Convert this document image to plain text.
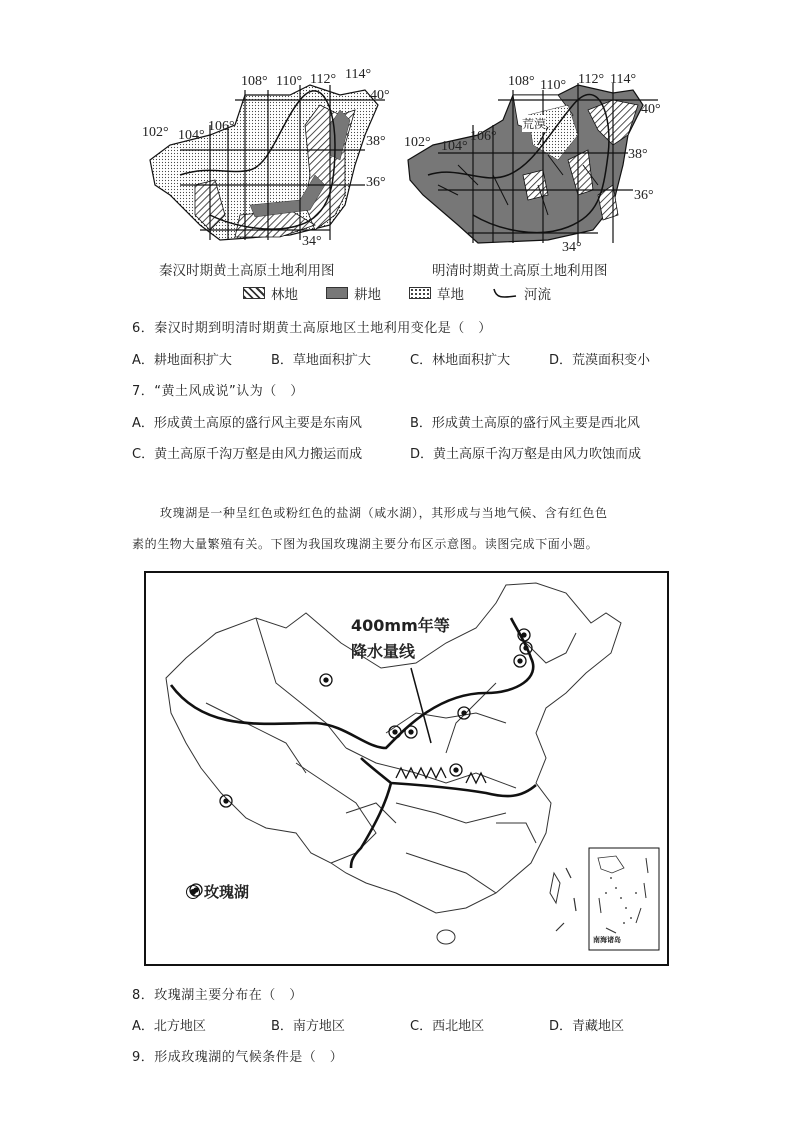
108° 110° 112° 114°
40°
102° 104°
106°
38°
36°
34°
荒漠
108° 110° 112° 114°
40°
102° 104°
106°
38°
36°
34°
秦汉时期黄土高原土地利用图	明清时期黄土高原土地利用图
林地	耕地	草地	河流
6．秦汉时期到明清时期黄土高原地区土地利用变化是（　）
A．耕地面积扩大	B．草地面积扩大	C．林地面积扩大	D．荒漠面积变小
7．“黄土风成说”认为（　）
A．形成黄土高原的盛行风主要是东南风	B．形成黄土高原的盛行风主要是西北风
C．黄土高原千沟万壑是由风力搬运而成	D．黄土高原千沟万壑是由风力吹蚀而成
玫瑰湖是一种呈红色或粉红色的盐湖（咸水湖），其形成与当地气候、含有红色色
素的生物大量繁殖有关。下图为我国玫瑰湖主要分布区示意图。读图完成下面小题。
400mm年等
降水量线
玫瑰湖
南海诸岛
8．玫瑰湖主要分布在（　）
A．北方地区	B．南方地区	C．西北地区	D．青藏地区
9．形成玫瑰湖的气候条件是（　）
